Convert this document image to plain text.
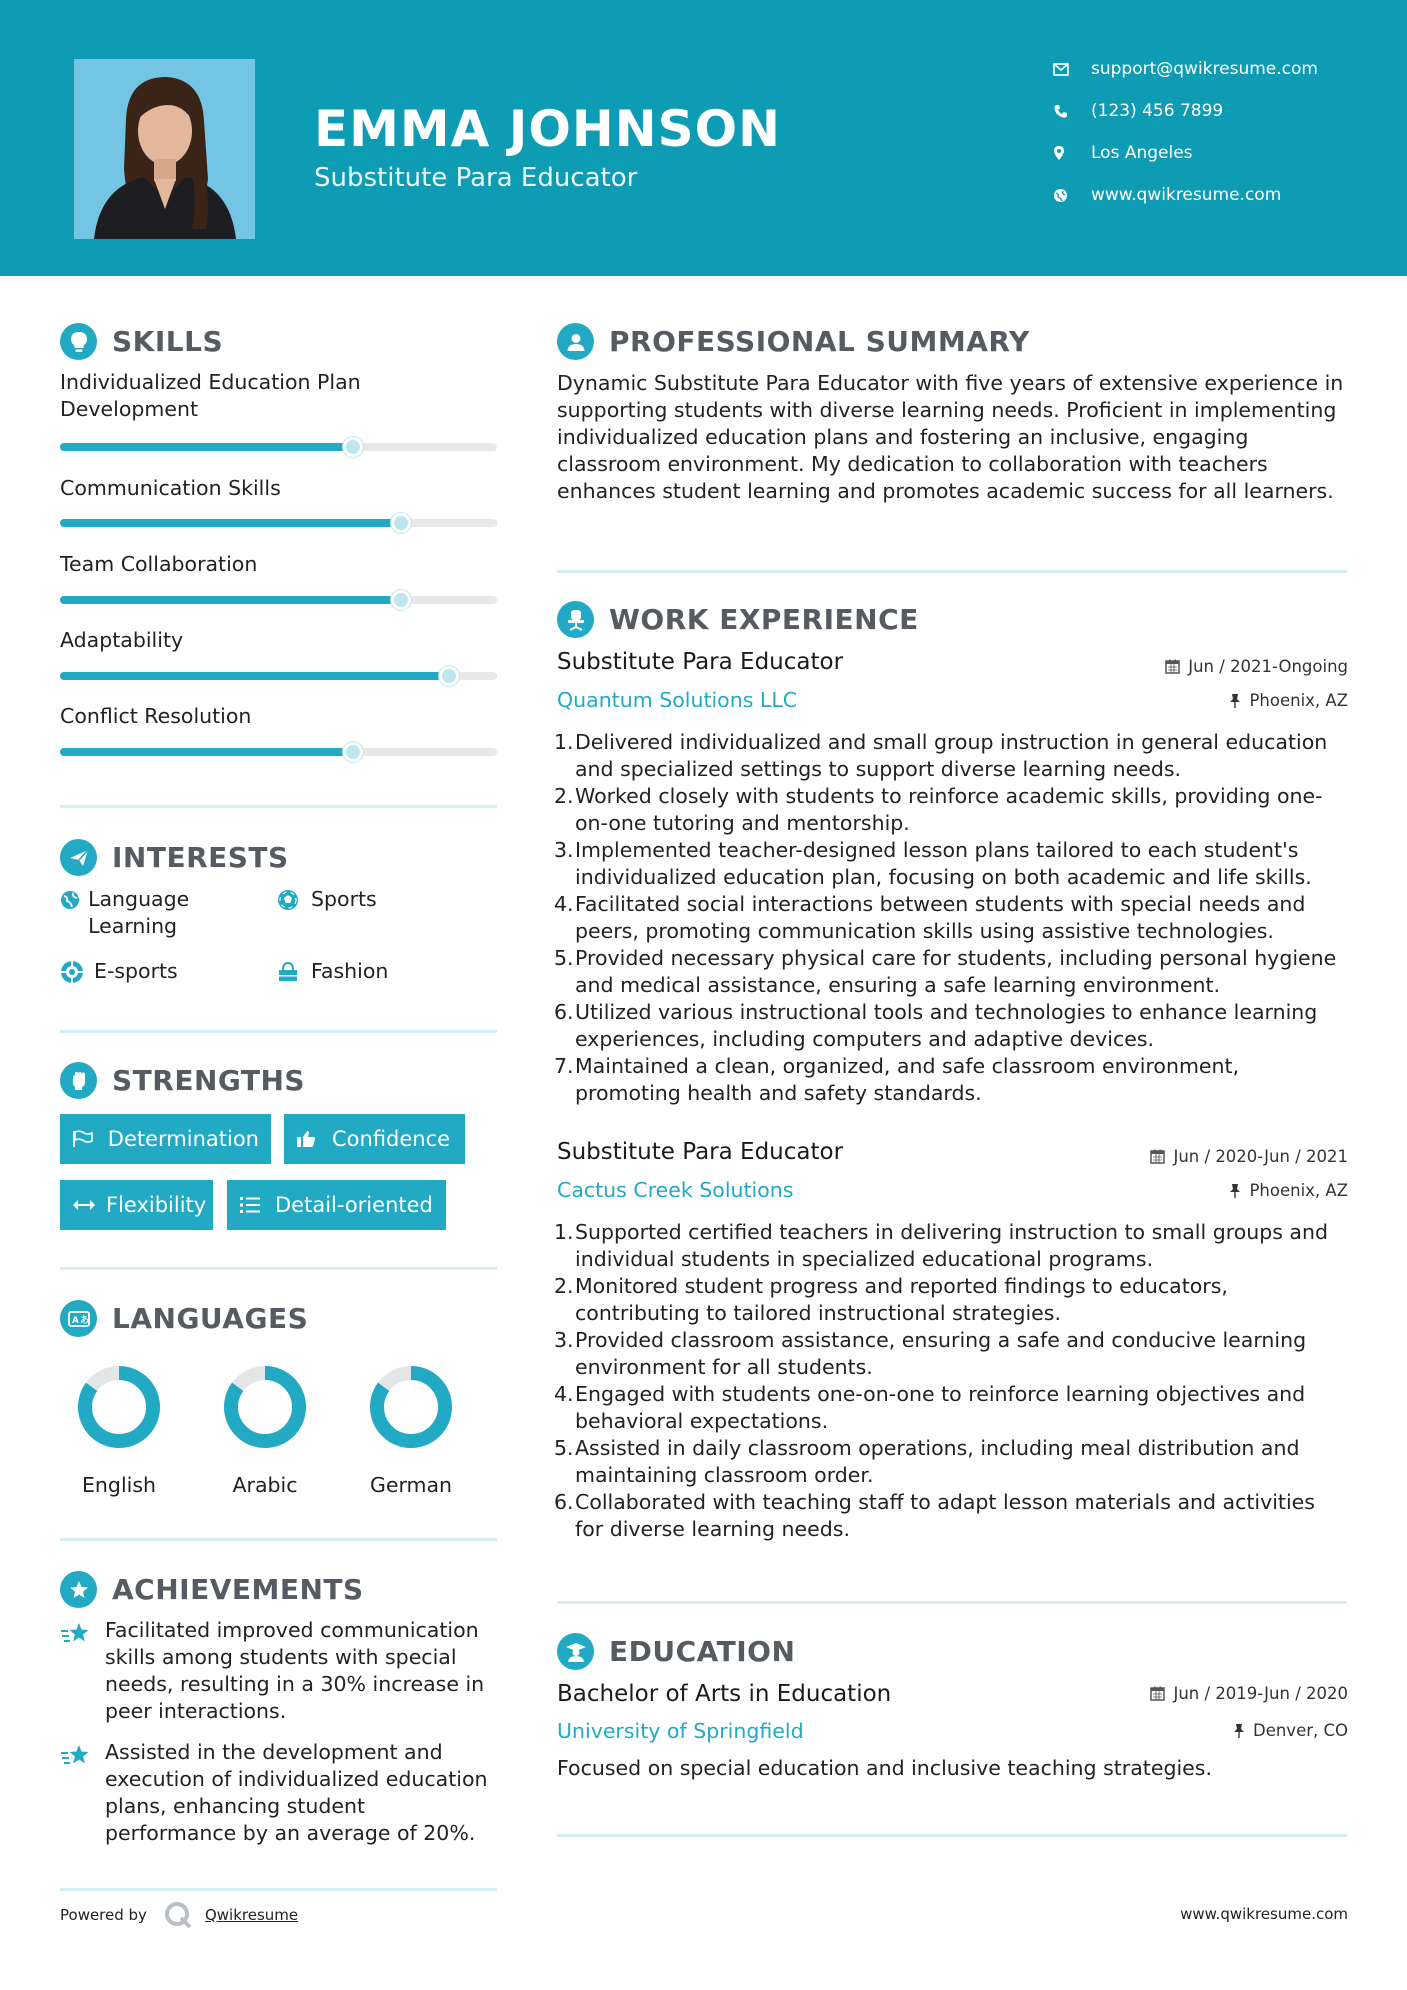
EMMA JOHNSON
Substitute Para Educator
support@qwikresume.com
(123) 456 7899
Los Angeles
www.qwikresume.com
SKILLS
Individualized Education Plan Development
Communication Skills
Team Collaboration
Adaptability
Conflict Resolution
INTERESTS
Language Learning
Sports
E-sports	Fashion
STRENGTHS
Determination	Confidence
Flexibility	Detail-oriented
A あ LANGUAGES
English	Arabic	German
ACHIEVEMENTS
Facilitated improved communication skills among students with special needs, resulting in a 30% increase in peer interactions.
Assisted in the development and execution of individualized education plans, enhancing student performance by an average of 20%.
PROFESSIONAL SUMMARY
Dynamic Substitute Para Educator with five years of extensive experience in supporting students with diverse learning needs. Proficient in implementing individualized education plans and fostering an inclusive, engaging classroom environment. My dedication to collaboration with teachers enhances student learning and promotes academic success for all learners.
WORK EXPERIENCE
Substitute Para Educator	Jun / 2021-Ongoing
Quantum Solutions LLC	Phoenix, AZ
Delivered individualized and small group instruction in general education and specialized settings to support diverse learning needs.
Worked closely with students to reinforce academic skills, providing one-on-one tutoring and mentorship.
Implemented teacher-designed lesson plans tailored to each student's individualized education plan, focusing on both academic and life skills.
Facilitated social interactions between students with special needs and peers, promoting communication skills using assistive technologies.
Provided necessary physical care for students, including personal hygiene and medical assistance, ensuring a safe learning environment.
Utilized various instructional tools and technologies to enhance learning experiences, including computers and adaptive devices.
Maintained a clean, organized, and safe classroom environment, promoting health and safety standards.
Substitute Para Educator	Jun / 2020-Jun / 2021
Cactus Creek Solutions	Phoenix, AZ
Supported certified teachers in delivering instruction to small groups and individual students in specialized educational programs.
Monitored student progress and reported findings to educators, contributing to tailored instructional strategies.
Provided classroom assistance, ensuring a safe and conducive learning environment for all students.
Engaged with students one-on-one to reinforce learning objectives and behavioral expectations.
Assisted in daily classroom operations, including meal distribution and maintaining classroom order.
Collaborated with teaching staff to adapt lesson materials and activities for diverse learning needs.
EDUCATION
Bachelor of Arts in Education	Jun / 2019-Jun / 2020
University of Springfield	Denver, CO
Focused on special education and inclusive teaching strategies.
Powered by	Qwikresume	www.qwikresume.com
